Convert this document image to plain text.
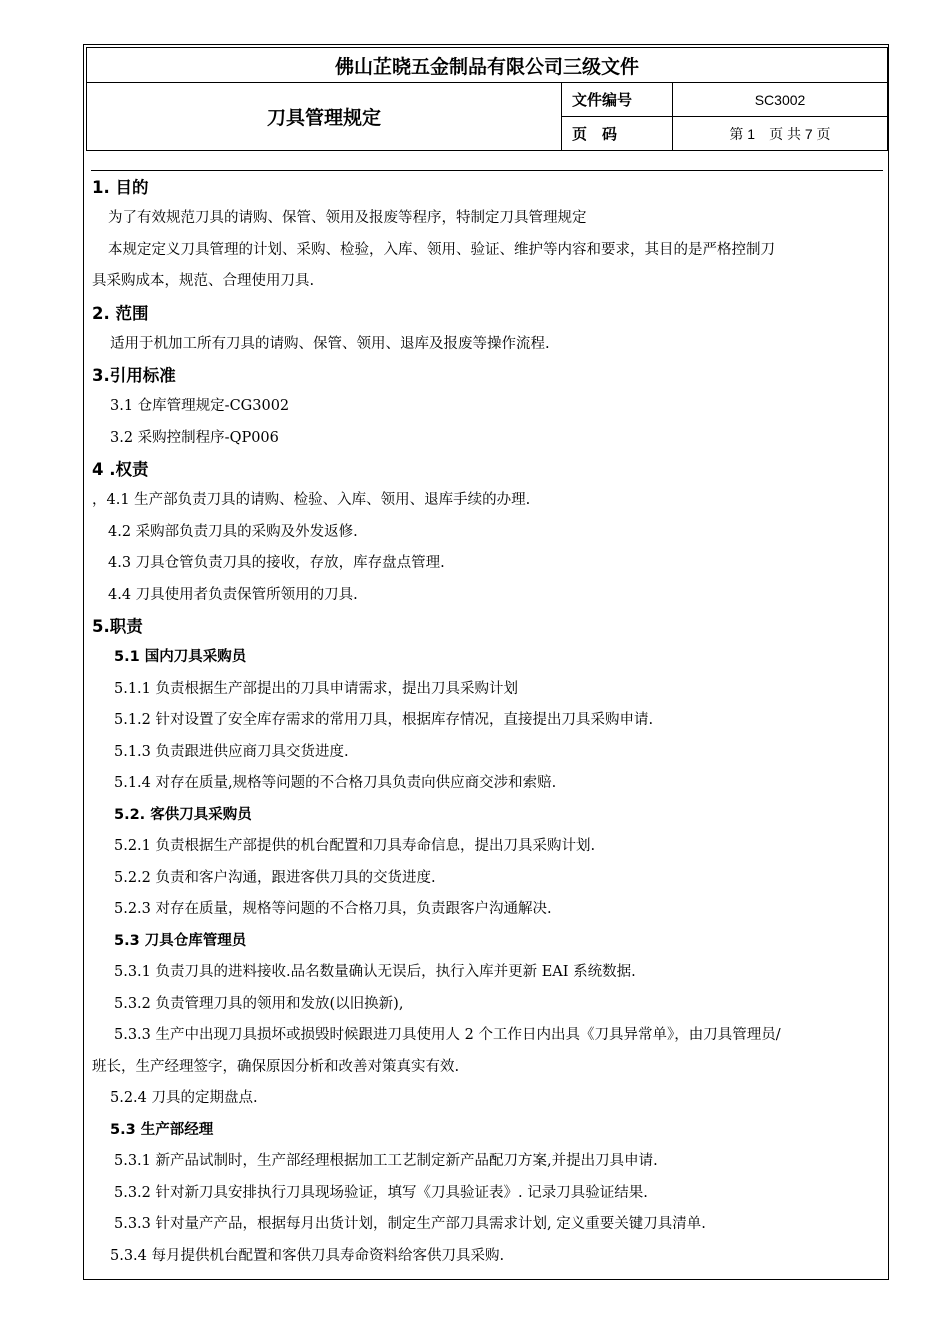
佛山芷晓五金制品有限公司三级文件		
刀具管理规定	文件编号	SC3002
	页　码	第 1　页 共 7 页
1. 目的
为了有效规范刀具的请购、保管、领用及报废等程序，特制定刀具管理规定
本规定定义刀具管理的计划、采购、检验，入库、领用、验证、维护等内容和要求，其目的是严格控制刀
具采购成本，规范、合理使用刀具.
2. 范围
适用于机加工所有刀具的请购、保管、领用、退库及报废等操作流程.
3.引用标准
3.1 仓库管理规定-CG3002
3.2 采购控制程序-QP006
4 .权责
，4.1 生产部负责刀具的请购、检验、入库、领用、退库手续的办理.
4.2 采购部负责刀具的采购及外发返修.
4.3 刀具仓管负责刀具的接收，存放，库存盘点管理.
4.4 刀具使用者负责保管所领用的刀具.
5.职责
5.1 国内刀具采购员
5.1.1 负责根据生产部提出的刀具申请需求，提出刀具采购计划
5.1.2 针对设置了安全库存需求的常用刀具，根据库存情况，直接提出刀具采购申请.
5.1.3 负责跟进供应商刀具交货进度.
5.1.4 对存在质量,规格等问题的不合格刀具负责向供应商交涉和索赔.
5.2. 客供刀具采购员
5.2.1 负责根据生产部提供的机台配置和刀具寿命信息，提出刀具采购计划.
5.2.2 负责和客户沟通，跟进客供刀具的交货进度.
5.2.3 对存在质量，规格等问题的不合格刀具，负责跟客户沟通解决.
5.3 刀具仓库管理员
5.3.1 负责刀具的进料接收.品名数量确认无误后，执行入库并更新 EAI 系统数据.
5.3.2 负责管理刀具的领用和发放(以旧换新),
5.3.3 生产中出现刀具损坏或损毁时候跟进刀具使用人 2 个工作日内出具《刀具异常单》，由刀具管理员/
班长，生产经理签字，确保原因分析和改善对策真实有效.
5.2.4 刀具的定期盘点.
5.3 生产部经理
5.3.1 新产品试制时，生产部经理根据加工工艺制定新产品配刀方案,并提出刀具申请.
5.3.2 针对新刀具安排执行刀具现场验证，填写《刀具验证表》. 记录刀具验证结果.
5.3.3 针对量产产品，根据每月出货计划，制定生产部刀具需求计划, 定义重要关键刀具清单.
5.3.4 每月提供机台配置和客供刀具寿命资料给客供刀具采购.
